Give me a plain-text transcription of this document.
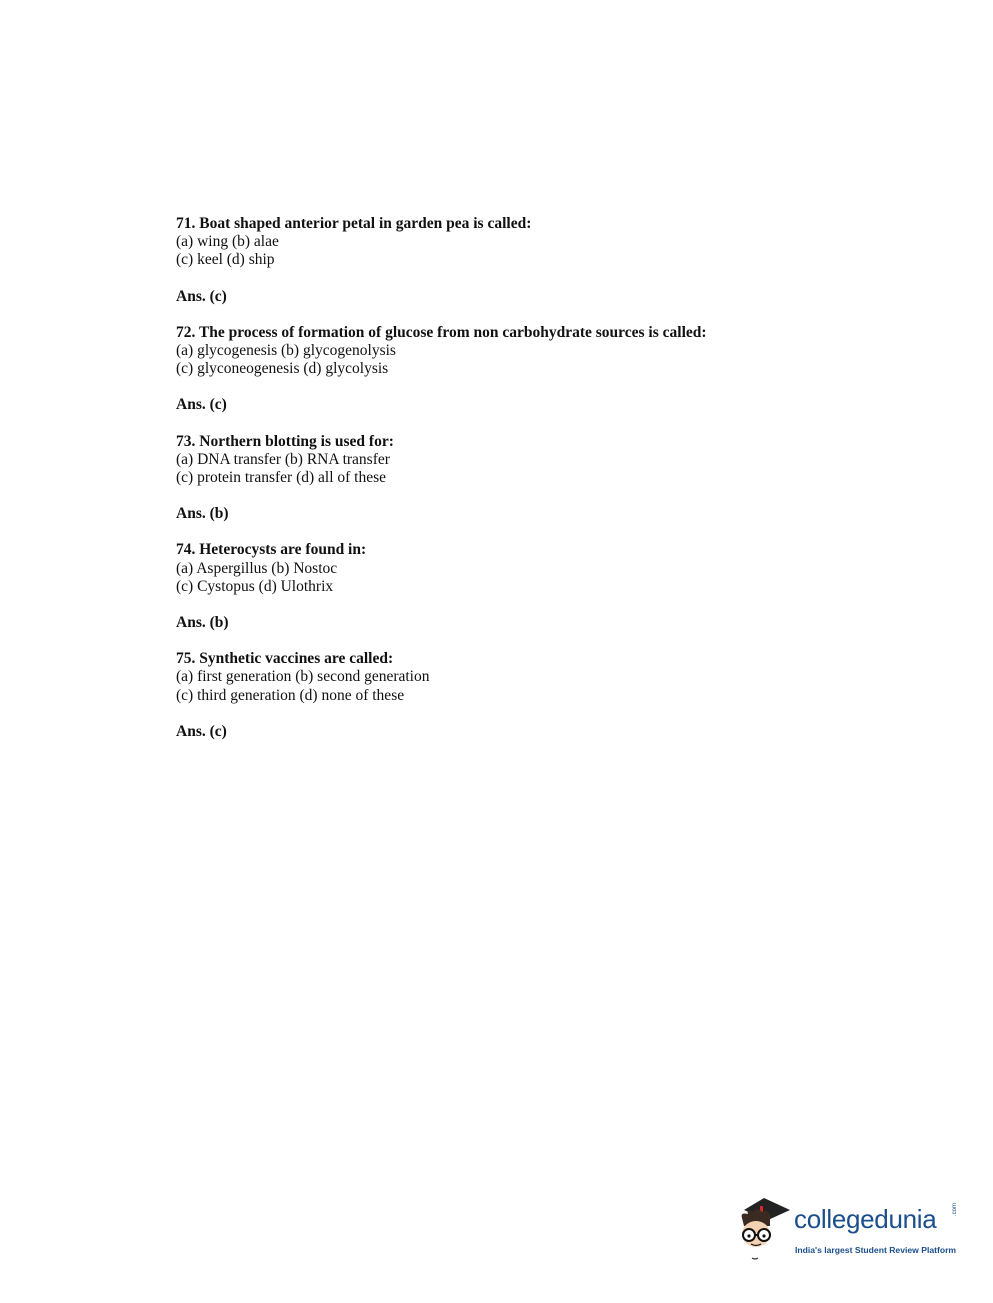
71. Boat shaped anterior petal in garden pea is called:
(a) wing (b) alae
(c) keel (d) ship
Ans. (c)
72. The process of formation of glucose from non carbohydrate sources is called:
(a) glycogenesis (b) glycogenolysis
(c) glyconeogenesis (d) glycolysis
Ans. (c)
73. Northern blotting is used for:
(a) DNA transfer (b) RNA transfer
(c) protein transfer (d) all of these
Ans. (b)
74. Heterocysts are found in:
(a) Aspergillus (b) Nostoc
(c) Cystopus (d) Ulothrix
Ans. (b)
75. Synthetic vaccines are called:
(a) first generation (b) second generation
(c) third generation (d) none of these
Ans. (c)
collegedunia	.com
India's largest Student Review Platform
